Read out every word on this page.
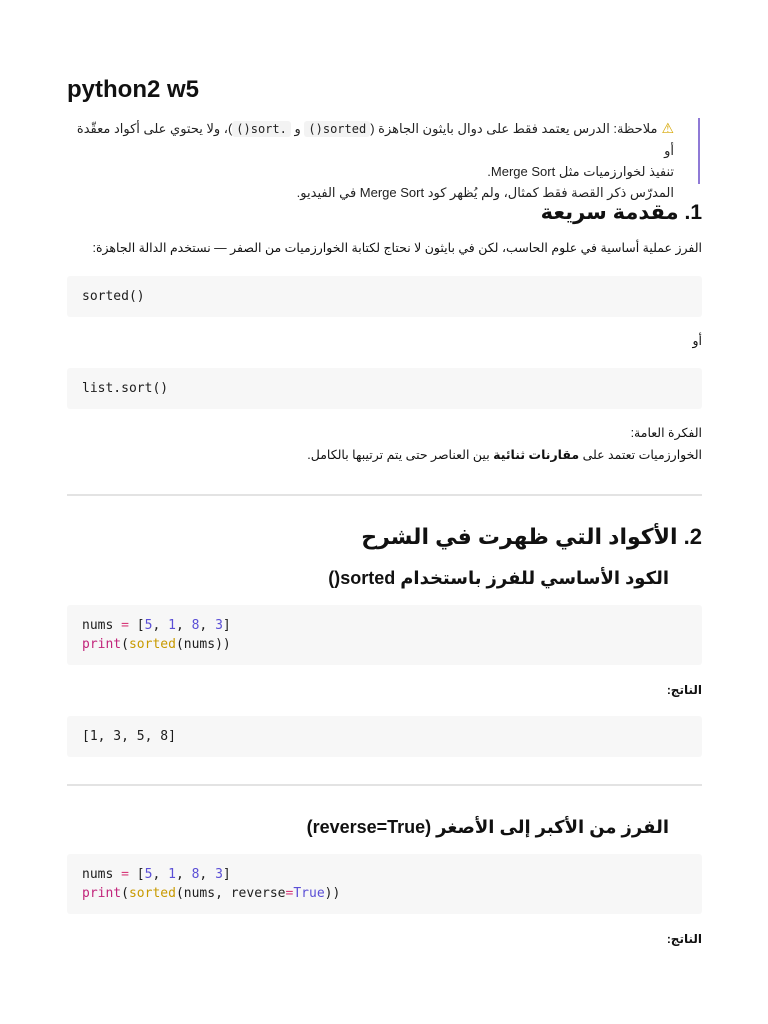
python2 w5
⚠ملاحظة: الدرس يعتمد فقط على دوال بايثون الجاهزة (sorted() و .sort())، ولا يحتوي على أكواد معقّدة أو
تنفيذ لخوارزميات مثل Merge Sort.
المدرّس ذكر القصة فقط كمثال، ولم يُظهر كود Merge Sort في الفيديو.
1. مقدمة سريعة

الفرز عملية أساسية في علوم الحاسب، لكن في بايثون لا نحتاج لكتابة الخوارزميات من الصفر — نستخدم الدالة الجاهزة:

sorted()

أو

list.sort()

الفكرة العامة:

الخوارزميات تعتمد على مقارنات ثنائية بين العناصر حتى يتم ترتيبها بالكامل.

2. الأكواد التي ظهرت في الشرح
الكود الأساسي للفرز باستخدام sorted()
nums = [5, 1, 8, 3]
print(sorted(nums))
الناتج:
[1, 3, 5, 8]
الفرز من الأكبر إلى الأصغر (reverse=True)
nums = [5, 1, 8, 3]
print(sorted(nums, reverse=True))
الناتج:
